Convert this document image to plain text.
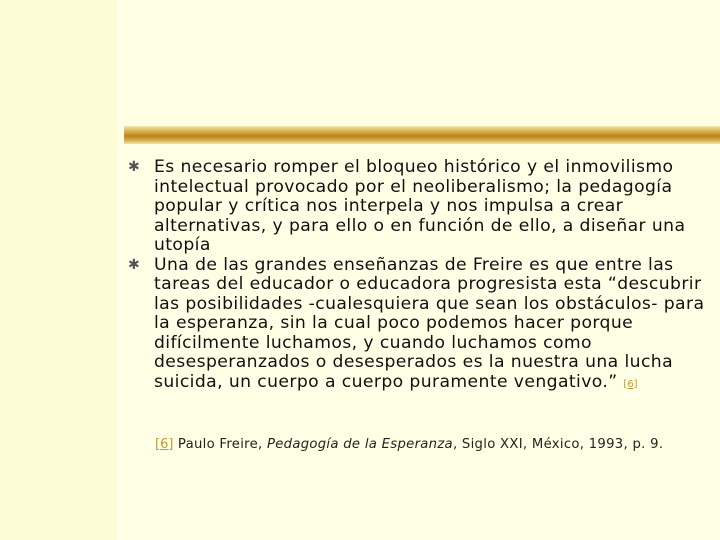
✱ Es necesario romper el bloqueo histórico y el inmovilismo intelectual provocado por el neoliberalismo; la pedagogía popular y crítica nos interpela y nos impulsa a crear alternativas, y para ello o en función de ello, a diseñar una utopía

✱ Una de las grandes enseñanzas de Freire es que entre las tareas del educador o educadora progresista esta “descubrir las posibilidades -cualesquiera que sean los obstáculos- para la esperanza, sin la cual poco podemos hacer porque difícilmente luchamos, y cuando luchamos como desesperanzados o desesperados es la nuestra una lucha suicida, un cuerpo a cuerpo puramente vengativo.” [6]

[6] Paulo Freire, Pedagogía de la Esperanza, Siglo XXI, México, 1993, p. 9.
